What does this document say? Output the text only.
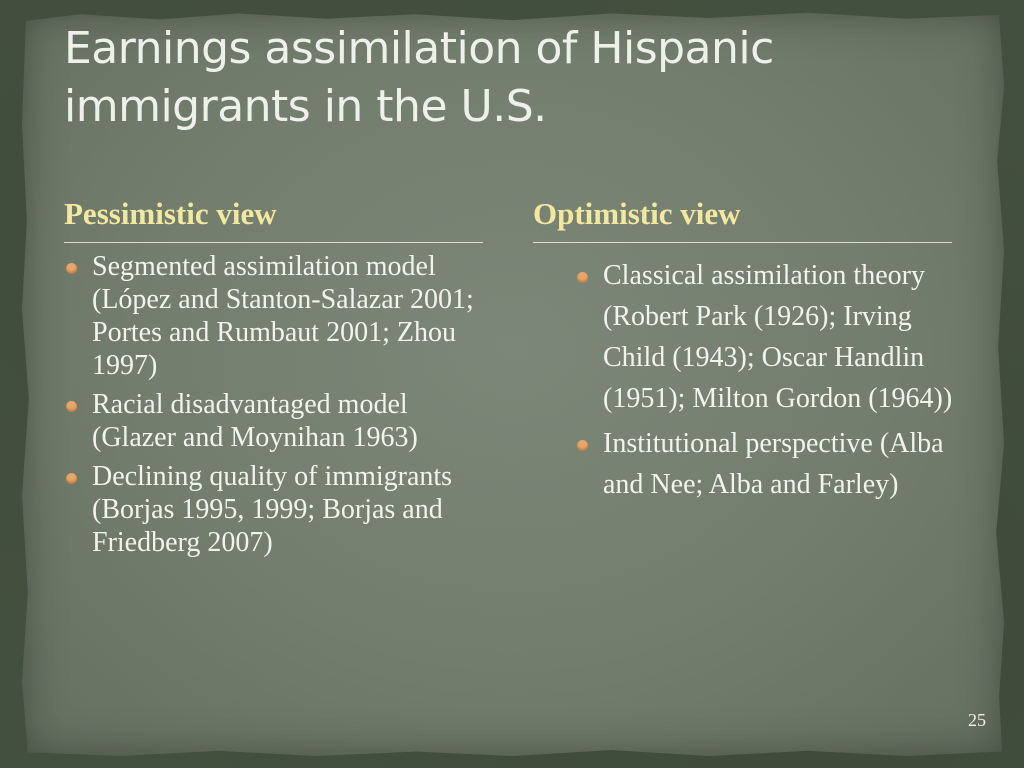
Earnings assimilation of Hispanic immigrants in the U.S.
Pessimistic view	Optimistic view
Segmented assimilation model (López and Stanton-Salazar 2001; Portes and Rumbaut 2001; Zhou 1997)
Racial disadvantaged model (Glazer and Moynihan 1963)
Declining quality of immigrants (Borjas 1995, 1999; Borjas and Friedberg 2007)
Classical assimilation theory (Robert Park (1926); Irving Child (1943); Oscar Handlin (1951); Milton Gordon (1964))
Institutional perspective (Alba and Nee; Alba and Farley)
25
